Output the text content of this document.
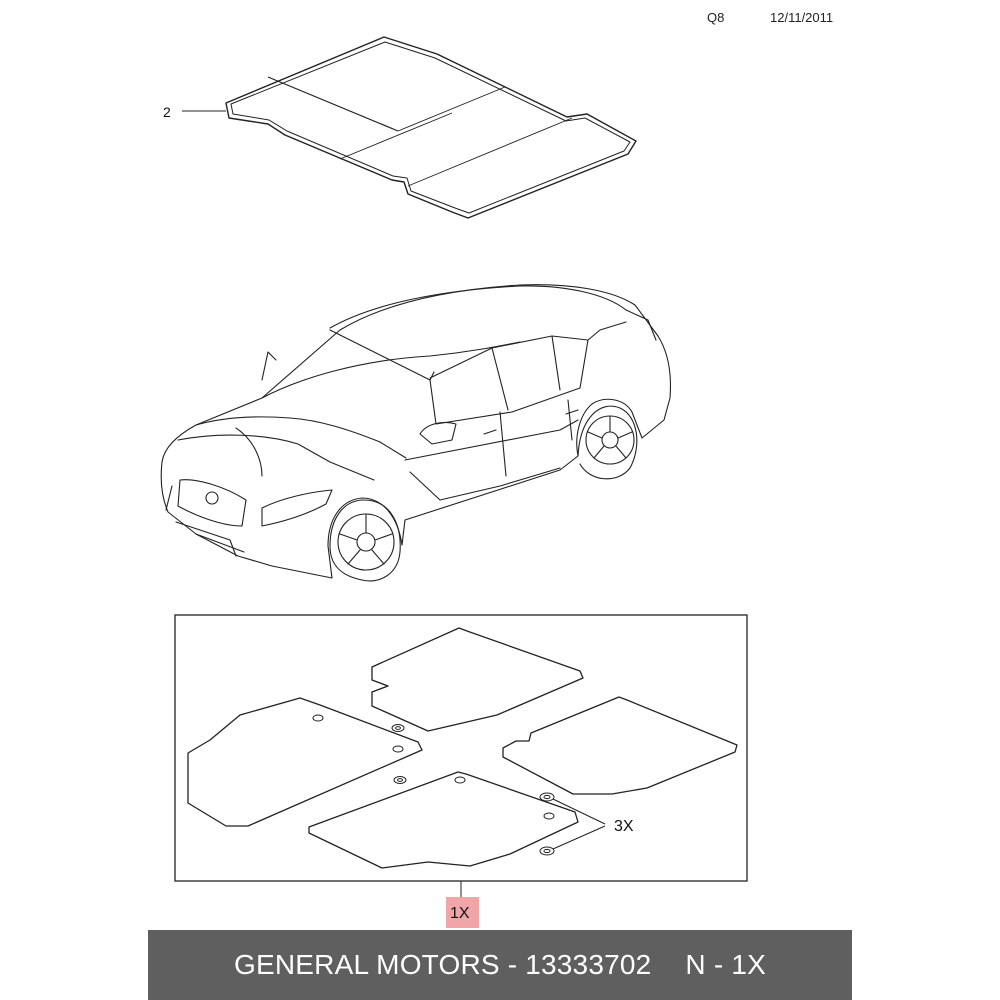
Q8	12/11/2011
2
3X
1X
GENERAL MOTORS - 13333702 N - 1X
